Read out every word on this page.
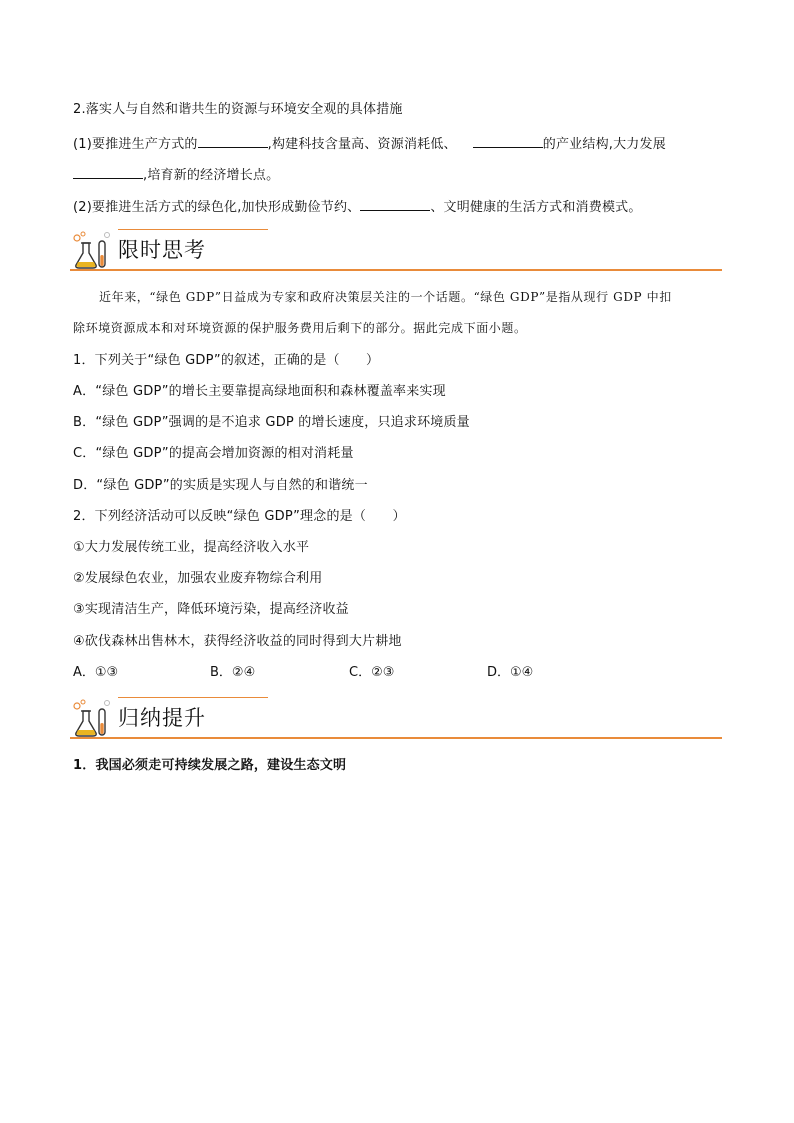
2.落实人与自然和谐共生的资源与环境安全观的具体措施
(1)要推进生产方式的	,构建科技含量高、资源消耗低、	的产业结构,大力发展
,培育新的经济增长点。
(2)要推进生活方式的绿色化,加快形成勤俭节约、	、文明健康的生活方式和消费模式。
限时思考
近年来，“绿色 GDP”日益成为专家和政府决策层关注的一个话题。“绿色 GDP”是指从现行 GDP 中扣
除环境资源成本和对环境资源的保护服务费用后剩下的部分。据此完成下面小题。
1．下列关于“绿色 GDP”的叙述，正确的是（　　）
A．“绿色 GDP”的增长主要靠提高绿地面积和森林覆盖率来实现
B．“绿色 GDP”强调的是不追求 GDP 的增长速度，只追求环境质量
C．“绿色 GDP”的提高会增加资源的相对消耗量
D．“绿色 GDP”的实质是实现人与自然的和谐统一
2．下列经济活动可以反映“绿色 GDP”理念的是（　　）
①大力发展传统工业，提高经济收入水平
②发展绿色农业，加强农业废弃物综合利用
③实现清洁生产，降低环境污染，提高经济收益
④砍伐森林出售林木，获得经济收益的同时得到大片耕地
A．①③	B．②④	C．②③	D．①④
归纳提升
1．我国必须走可持续发展之路，建设生态文明
